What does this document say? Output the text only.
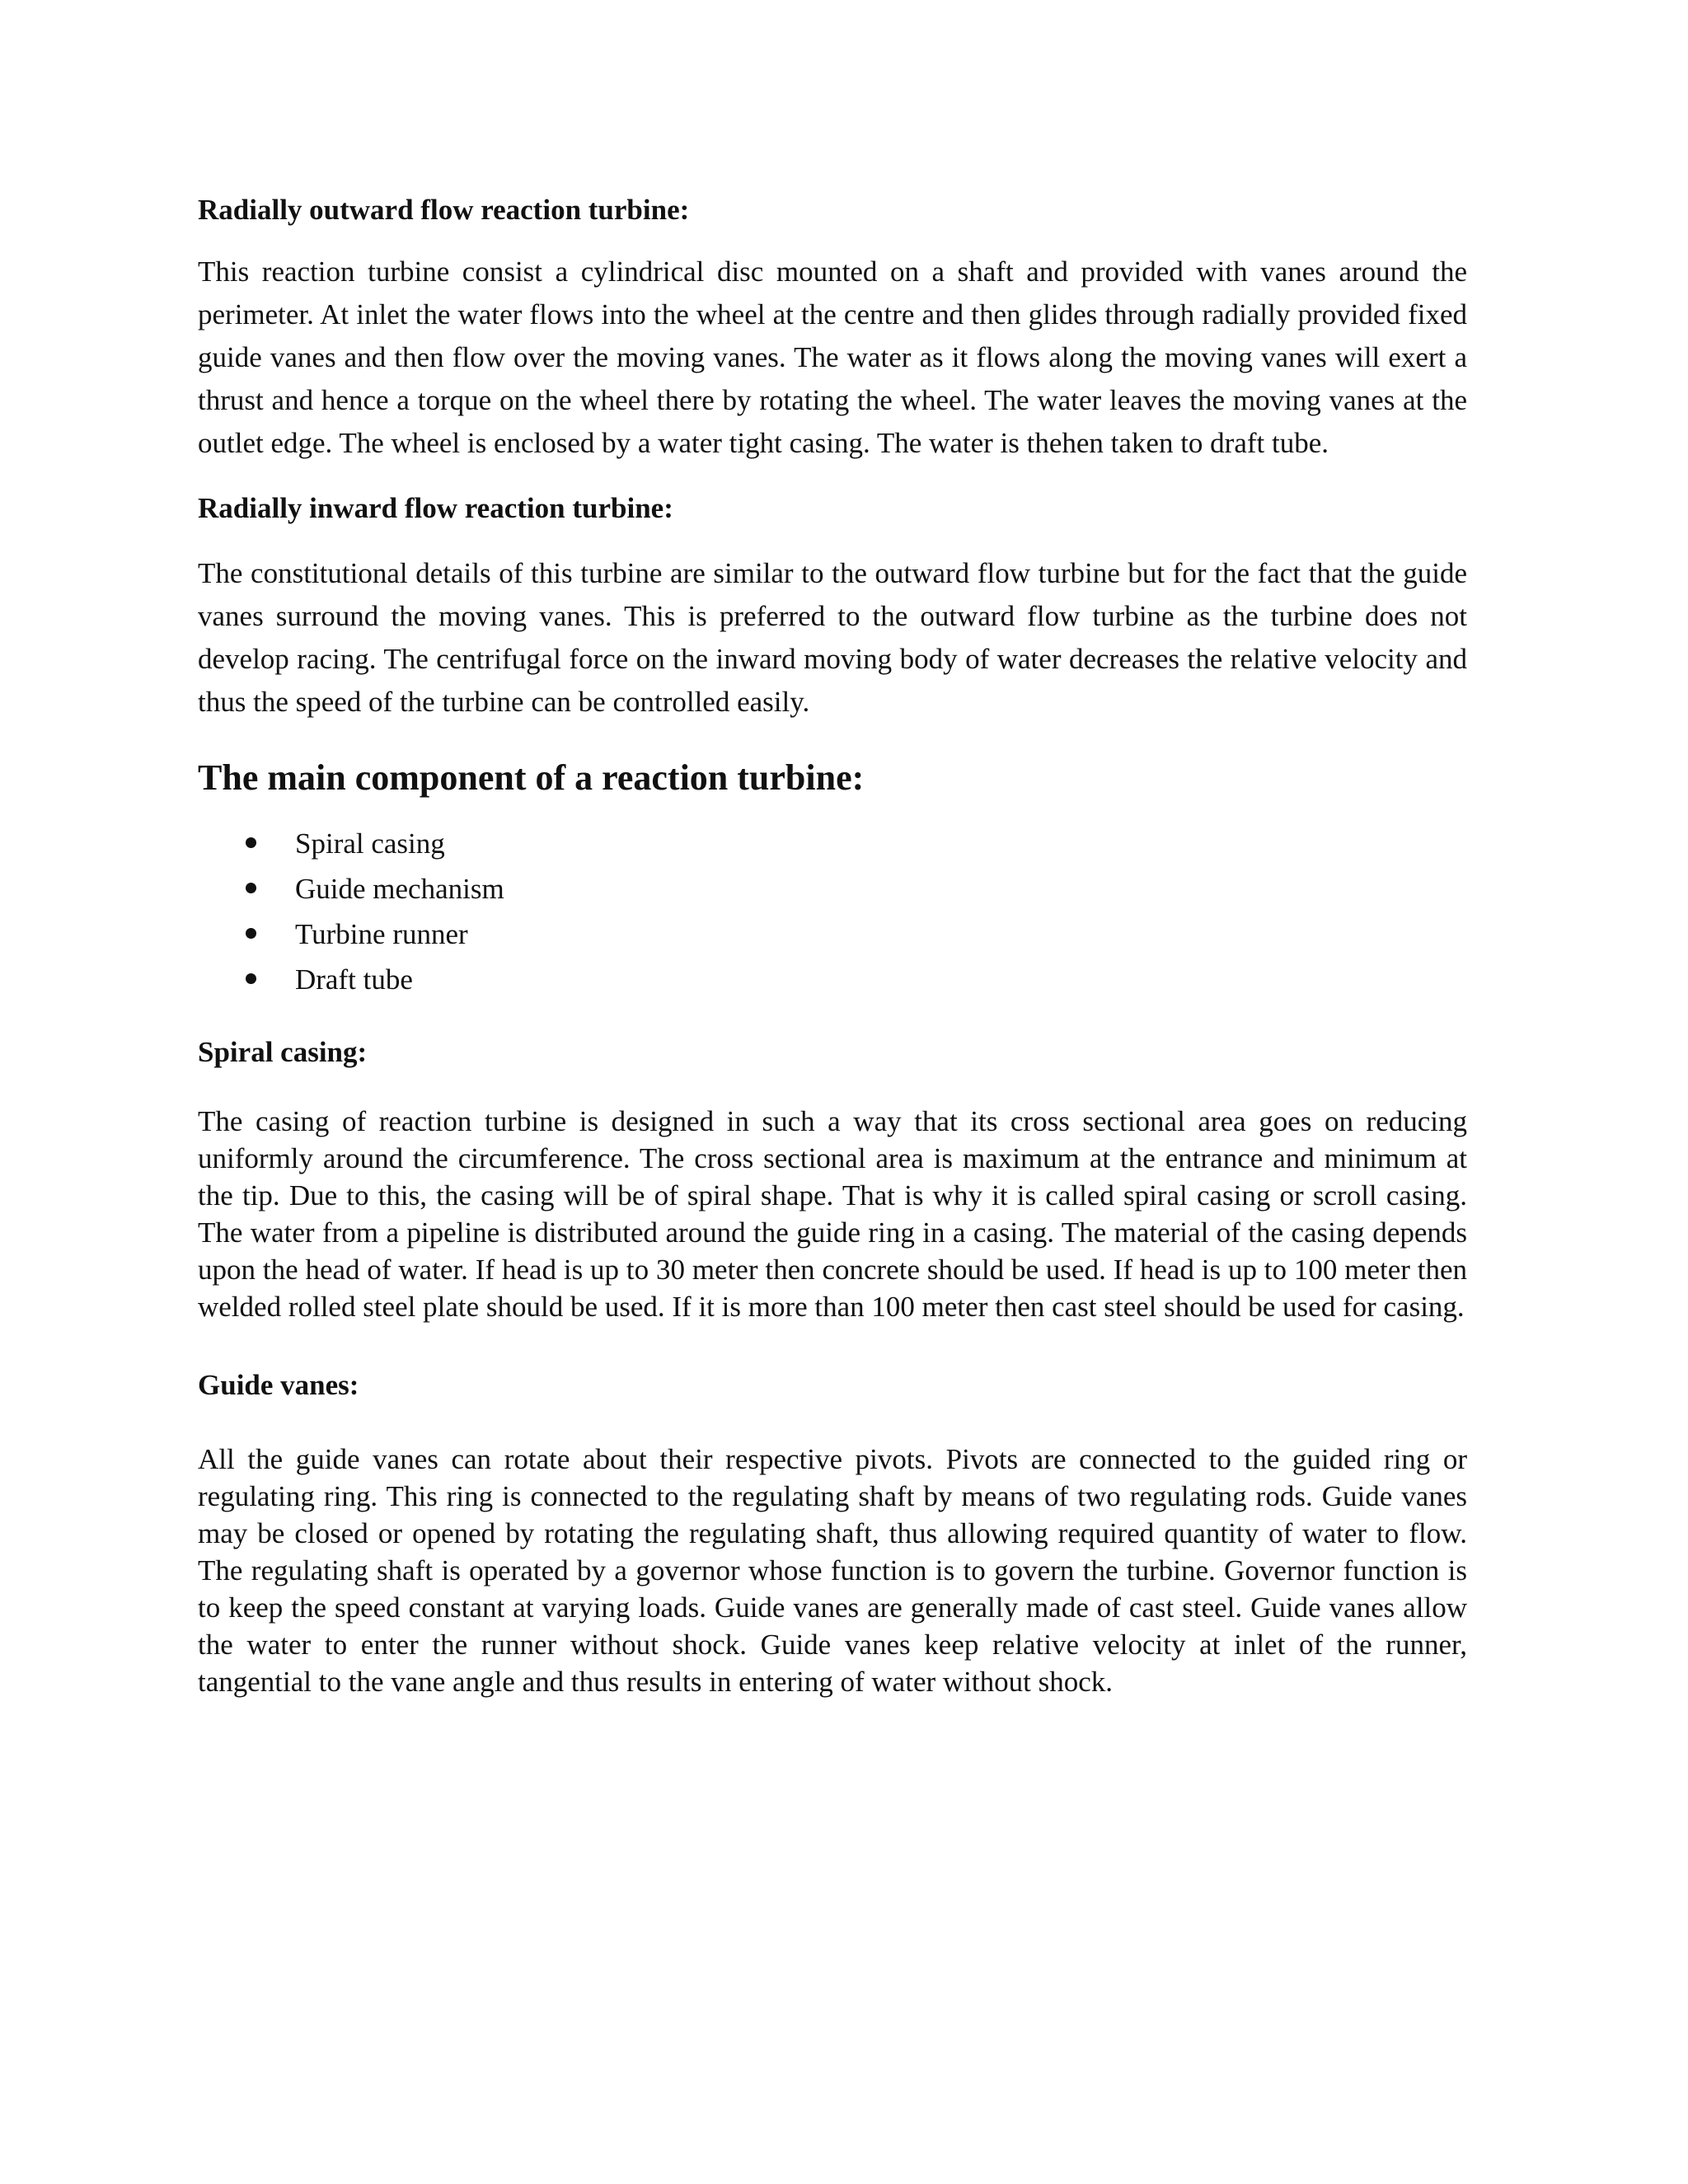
Radially outward flow reaction turbine:

This reaction turbine consist a cylindrical disc mounted on a shaft and provided with vanes around the perimeter. At inlet the water flows into the wheel at the centre and then glides through radially provided fixed guide vanes and then flow over the moving vanes. The water as it flows along the moving vanes will exert a thrust and hence a torque on the wheel there by rotating the wheel. The water leaves the moving vanes at the outlet edge. The wheel is enclosed by a water tight casing. The water is thehen taken to draft tube.

Radially inward flow reaction turbine:

The constitutional details of this turbine are similar to the outward flow turbine but for the fact that the guide vanes surround the moving vanes. This is preferred to the outward flow turbine as the turbine does not develop racing. The centrifugal force on the inward moving body of water decreases the relative velocity and thus the speed of the turbine can be controlled easily.

The main component of a reaction turbine:
Spiral casing
Guide mechanism
Turbine runner
Draft tube
Spiral casing:

The casing of reaction turbine is designed in such a way that its cross sectional area goes on reducing uniformly around the circumference. The cross sectional area is maximum at the entrance and minimum at the tip. Due to this, the casing will be of spiral shape. That is why it is called spiral casing or scroll casing. The water from a pipeline is distributed around the guide ring in a casing. The material of the casing depends upon the head of water. If head is up to 30 meter then concrete should be used. If head is up to 100 meter then welded rolled steel plate should be used. If it is more than 100 meter then cast steel should be used for casing.

Guide vanes:

All the guide vanes can rotate about their respective pivots. Pivots are connected to the guided ring or regulating ring. This ring is connected to the regulating shaft by means of two regulating rods. Guide vanes may be closed or opened by rotating the regulating shaft, thus allowing required quantity of water to flow. The regulating shaft is operated by a governor whose function is to govern the turbine. Governor function is to keep the speed constant at varying loads. Guide vanes are generally made of cast steel. Guide vanes allow the water to enter the runner without shock. Guide vanes keep relative velocity at inlet of the runner, tangential to the vane angle and thus results in entering of water without shock.
